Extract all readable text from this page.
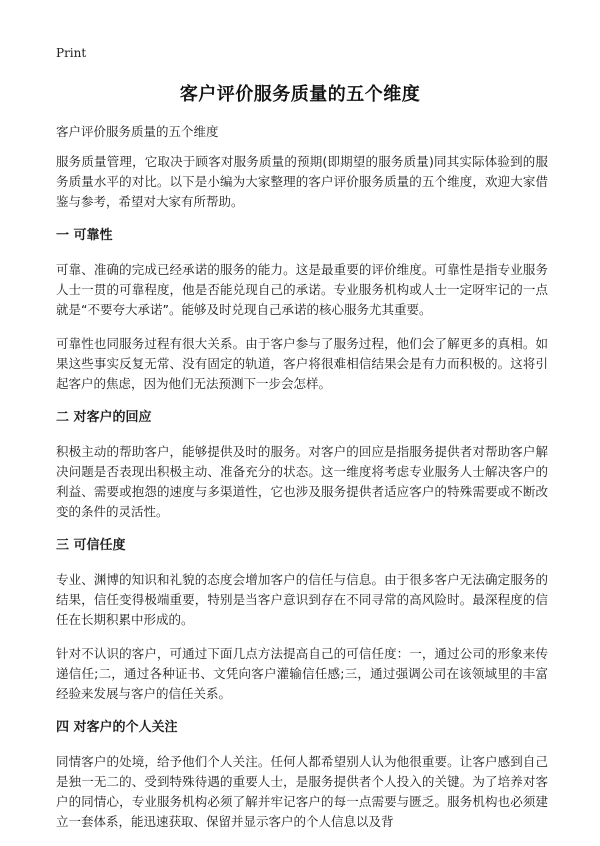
Print
客户评价服务质量的五个维度
客户评价服务质量的五个维度

服务质量管理，它取决于顾客对服务质量的预期(即期望的服务质量)同其实际体验到的服务质量水平的对比。以下是小编为大家整理的客户评价服务质量的五个维度，欢迎大家借鉴与参考，希望对大家有所帮助。

一 可靠性

可靠、准确的完成已经承诺的服务的能力。这是最重要的评价维度。可靠性是指专业服务人士一贯的可靠程度，他是否能兑现自己的承诺。专业服务机构或人士一定呀牢记的一点就是“不要夸大承诺”。能够及时兑现自己承诺的核心服务尤其重要。

可靠性也同服务过程有很大关系。由于客户参与了服务过程，他们会了解更多的真相。如果这些事实反复无常、没有固定的轨道，客户将很难相信结果会是有力而积极的。这将引起客户的焦虑，因为他们无法预测下一步会怎样。

二 对客户的回应

积极主动的帮助客户，能够提供及时的服务。对客户的回应是指服务提供者对帮助客户解决问题是否表现出积极主动、准备充分的状态。这一维度将考虑专业服务人士解决客户的利益、需要或抱怨的速度与多渠道性，它也涉及服务提供者适应客户的特殊需要或不断改变的条件的灵活性。

三 可信任度

专业、渊博的知识和礼貌的态度会增加客户的信任与信息。由于很多客户无法确定服务的结果，信任变得极端重要，特别是当客户意识到存在不同寻常的高风险时。最深程度的信任在长期积累中形成的。

针对不认识的客户，可通过下面几点方法提高自己的可信任度：一，通过公司的形象来传递信任;二，通过各种证书、文凭向客户灌输信任感;三，通过强调公司在该领域里的丰富经验来发展与客户的信任关系。

四 对客户的个人关注

同情客户的处境，给予他们个人关注。任何人都希望别人认为他很重要。让客户感到自己是独一无二的、受到特殊待遇的重要人士，是服务提供者个人投入的关键。为了培养对客户的同情心，专业服务机构必须了解并牢记客户的每一点需要与匮乏。服务机构也必须建立一套体系，能迅速获取、保留并显示客户的个人信息以及背
